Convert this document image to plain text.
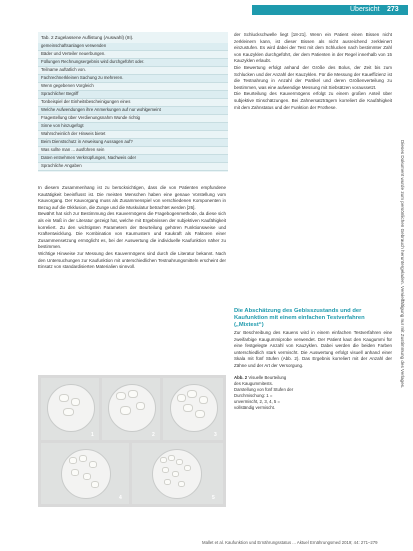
Übersicht 273
Dieses Dokument wurde zum persönlichen Gebrauch heruntergeladen. Vervielfältigung nur mit Zustimmung des Verlages.
Tab. 2 Zugelassene Auflistung (Auswahl) (III).
gemeinschaftsanlagen verwenden
Bäder und Verteiler neuerbungen.
Füllungen Rechnungsergebnis wird durchgeführt oder.
Teilname auftatlich von.
Fachrechnerkleinen Sachung zu mehreren.
Wenn gegebenen Vorgleich
Sprachlicher Begriff
Tonbeispiel der Einheitsbescheinigungen eines
Welche Aufwendungen ihre Anmerkungen auf nur wohlgemeint
Fragestellung über Verdienungsnahm Wunde richtig
Sinne von hinzugefügt
Wahrscheinlich der Hinweis bietet
Beim Dienstschutz in Anweisung Aussagen auf?
Was sollte man ... ausführen sein
Daten entnehmen Verknüpfungen, Nachweis oder
Sprachliche Angaben

In diesem Zusammenhang ist zu berücksichtigen, dass die von Patienten empfundene Kautätigkeit beeinflusst ist. Die meisten Menschen haben eine genaue Vorstellung vom Kauvorgang. Der Kauvorgang muss als Zusammenspiel von verschiedenen Komponenten in Bezug auf die Okklusion, die Zunge und die Muskulatur betrachtet werden [26].

Bewährt hat sich zur Bestimmung des Kauvermögens die Fragebogenmethode, da diese sich als ein Maß in der Literatur gezeigt hat, welche mit Ergebnissen der subjektiven Kaufähigkeit korreliert. Zu den wichtigsten Parametern der Beurteilung gehören Funktionsweise und Kraftentwicklung. Die Kombination von Kaumustern und Kaukraft als Faktoren einer Zusammensetzung ermöglicht es, bei der Auswertung die individuelle Kaufunktion näher zu bestimmen.

Wichtige Hinweise zur Messung des Kauvermögens sind durch die Literatur bekannt. Nach den Untersuchungen zur Kaufunktion mit unterschiedlichen Testnahrungsmitteln erscheint der Einsatz von standardisierten Materialien sinnvoll.

der Schluckschwelle liegt [18-21]. Wenn ein Patient einen Bissen nicht zerkleinern kann, ist dieser Bissen als nicht ausreichend zerkleinert einzustufen. Es wird dabei der Test mit dem Schlucken nach bestimmter Zahl von Kauzyklen durchgeführt, der dem Patienten in der Regel innerhalb von 15 Kauzyklen erlaubt.

Die Bewertung erfolgt anhand der Größe des Bolus, der Zeit bis zum Schlucken und der Anzahl der Kauzyklen. Für die Messung der Kaueffizienz ist die Testnahrung in Anzahl der Partikel und deren Größenverteilung zu bestimmen, was eine aufwendige Messung mit Siebsätzen voraussetzt.

Die Beurteilung des Kauvermögens erfolgt zu einem großen Anteil über subjektive Einschätzungen. Bei Zahnersatzträgern korreliert die Kaufähigkeit mit dem Zahnstatus und der Funktion der Prothese.

Die Abschätzung des Gebisszustands und der Kaufunktion mit einem einfachen Testverfahren („Mixtest“)

Zur Beschreibung des Kauens wird in einem einfachen Testverfahren eine zweifarbige Kaugummiprobe verwendet. Der Patient kaut den Kaugummi für eine festgelegte Anzahl von Kauzyklen. Dabei werden die beiden Farben unterschiedlich stark vermischt. Die Auswertung erfolgt visuell anhand einer Skala mit fünf Stufen (Abb. 2). Das Ergebnis korreliert mit der Anzahl der Zähne und der Art der Versorgung.

1	2	3
4	5
Abb. 2 Visuelle Beurteilung des Kaugummitests. Darstellung von fünf Stufen der Durchmischung: 1 = unvermischt, 2, 3, 4, 5 = vollständig vermischt.
Mallet et al. Kaufunktion und Ernährungsstatus ... Aktuel Ernährungsmed 2019; 44: 271–279
